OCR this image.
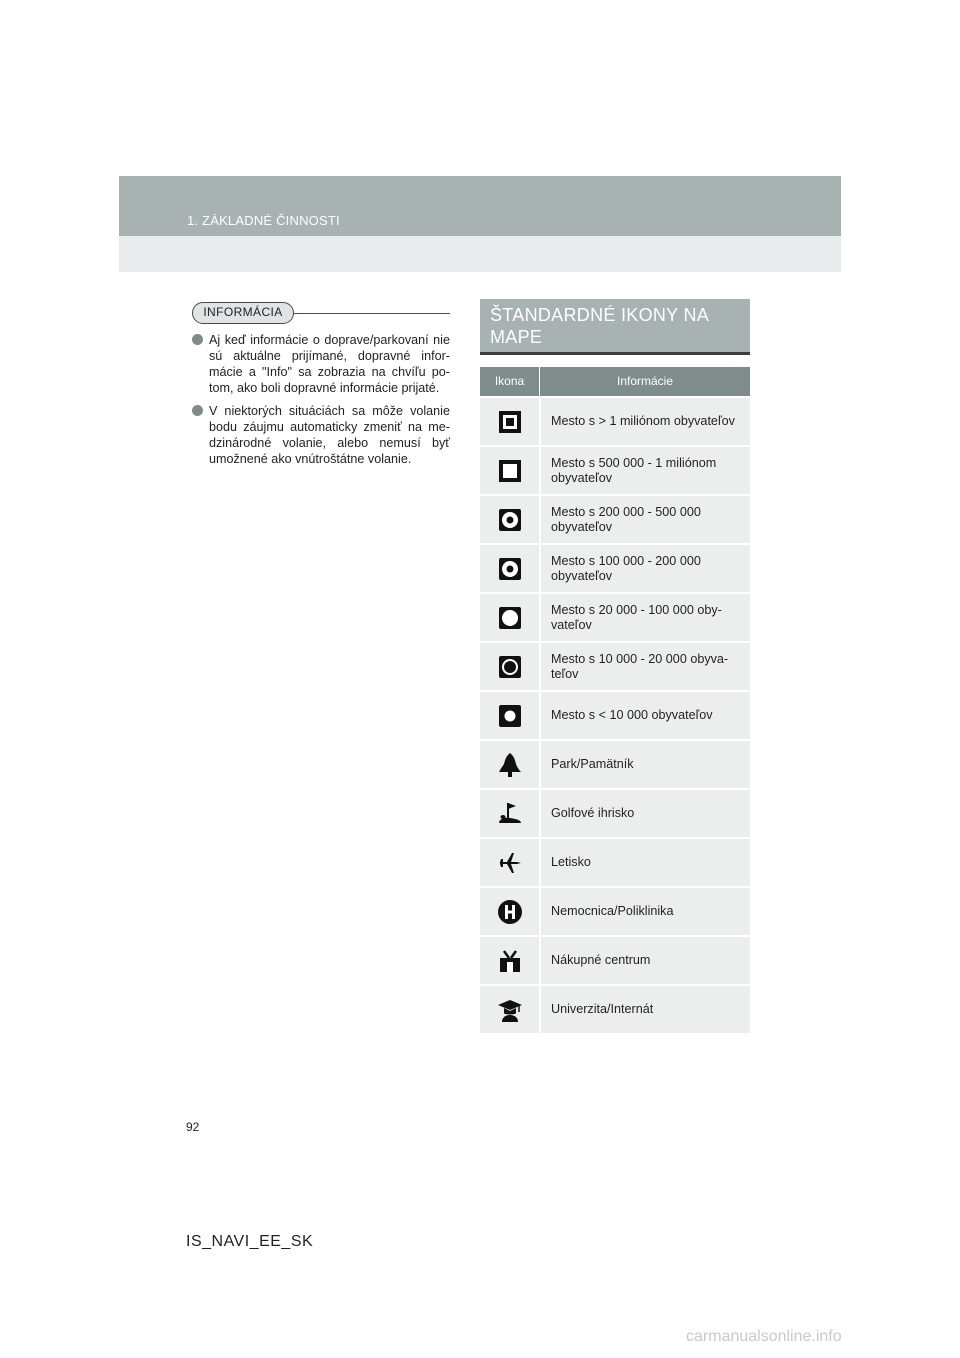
1. ZÁKLADNÉ ČINNOSTI
INFORMÁCIA
Aj keď informácie o doprave/parkovaní nie sú aktuálne prijímané, dopravné infor-mácie a "Info" sa zobrazia na chvíľu po-tom, ako boli dopravné informácie prijaté.
V niektorých situáciách sa môže volanie bodu záujmu automaticky zmeniť na me-dzinárodné volanie, alebo nemusí byť umožnené ako vnútroštátne volanie.
ŠTANDARDNÉ IKONY NA MAPE
Ikona	Informácie
Mesto s > 1 miliónom obyvateľov
Mesto s 500 000 - 1 miliónom obyvateľov
Mesto s 200 000 - 500 000 obyvateľov
Mesto s 100 000 - 200 000 obyvateľov
Mesto s 20 000 - 100 000 oby-vateľov
Mesto s 10 000 - 20 000 obyva-teľov
Mesto s < 10 000 obyvateľov
Park/Pamätník
Golfové ihrisko
Letisko
Nemocnica/Poliklinika
Nákupné centrum
Univerzita/Internát
92
IS_NAVI_EE_SK
carmanualsonline.info
